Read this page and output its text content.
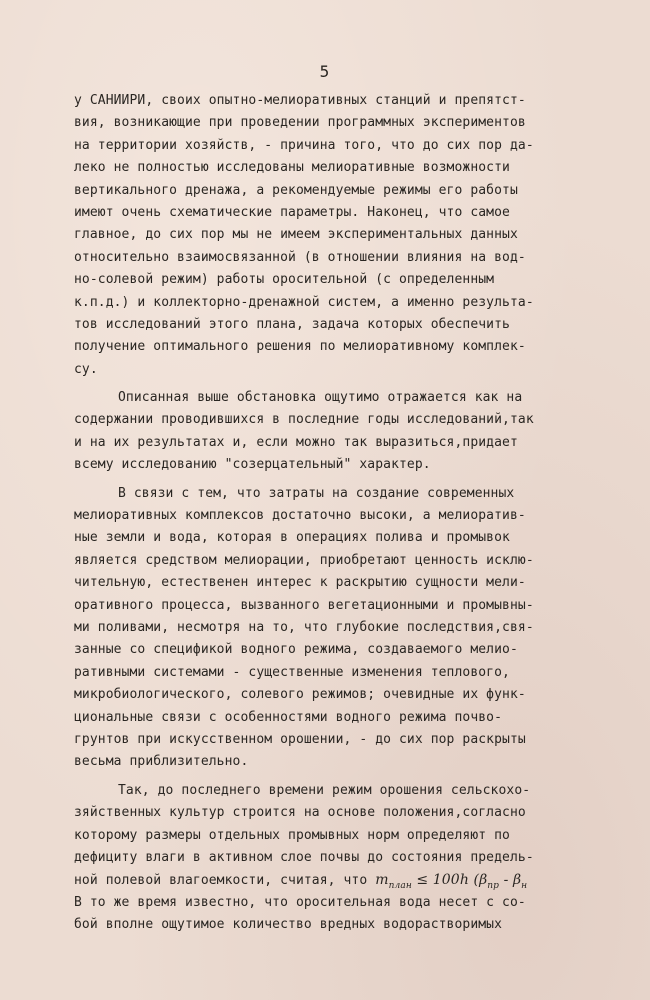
5
у САНИИРИ, своих опытно-мелиоративных станций и препятст-
вия, возникающие при проведении программных экспериментов
на территории хозяйств, - причина того, что до сих пор да-
леко не полностью исследованы мелиоративные возможности
вертикального дренажа, а рекомендуемые режимы его работы
имеют очень схематические параметры. Наконец, что самое
главное, до сих пор мы не имеем экспериментальных данных
относительно взаимосвязанной (в отношении влияния на вод-
но-солевой режим) работы оросительной (с определенным
к.п.д.) и коллекторно-дренажной систем, а именно результа-
тов исследований этого плана, задача которых обеспечить
получение оптимального решения по мелиоративному комплек-
су.
Описанная выше обстановка ощутимо отражается как на
содержании проводившихся в последние годы исследований,так
и на их результатах и, если можно так выразиться,придает
всему исследованию "созерцательный" характер.
В связи с тем, что затраты на создание современных
мелиоративных комплексов достаточно высоки, а мелиоратив-
ные земли и вода, которая в операциях полива и промывок
является средством мелиорации, приобретают ценность исклю-
чительную, естественен интерес к раскрытию сущности мели-
оративного процесса, вызванного вегетационными и промывны-
ми поливами, несмотря на то, что глубокие последствия,свя-
занные со спецификой водного режима, создаваемого мелио-
ративными системами - существенные изменения теплового,
микробиологического, солевого режимов; очевидные их функ-
циональные связи с особенностями водного режима почво-
грунтов при искусственном орошении, - до сих пор раскрыты
весьма приблизительно.
Так, до последнего времени режим орошения сельскохо-
зяйственных культур строится на основе положения,согласно
которому размеры отдельных промывных норм определяют по
дефициту влаги в активном слое почвы до состояния предель-
ной полевой влагоемкости, считая, что $m_{план} \le 100h$ ($\beta_{пр} - \beta_н$
В то же время известно, что оросительная вода несет с со-
бой вполне ощутимое количество вредных водорастворимых
